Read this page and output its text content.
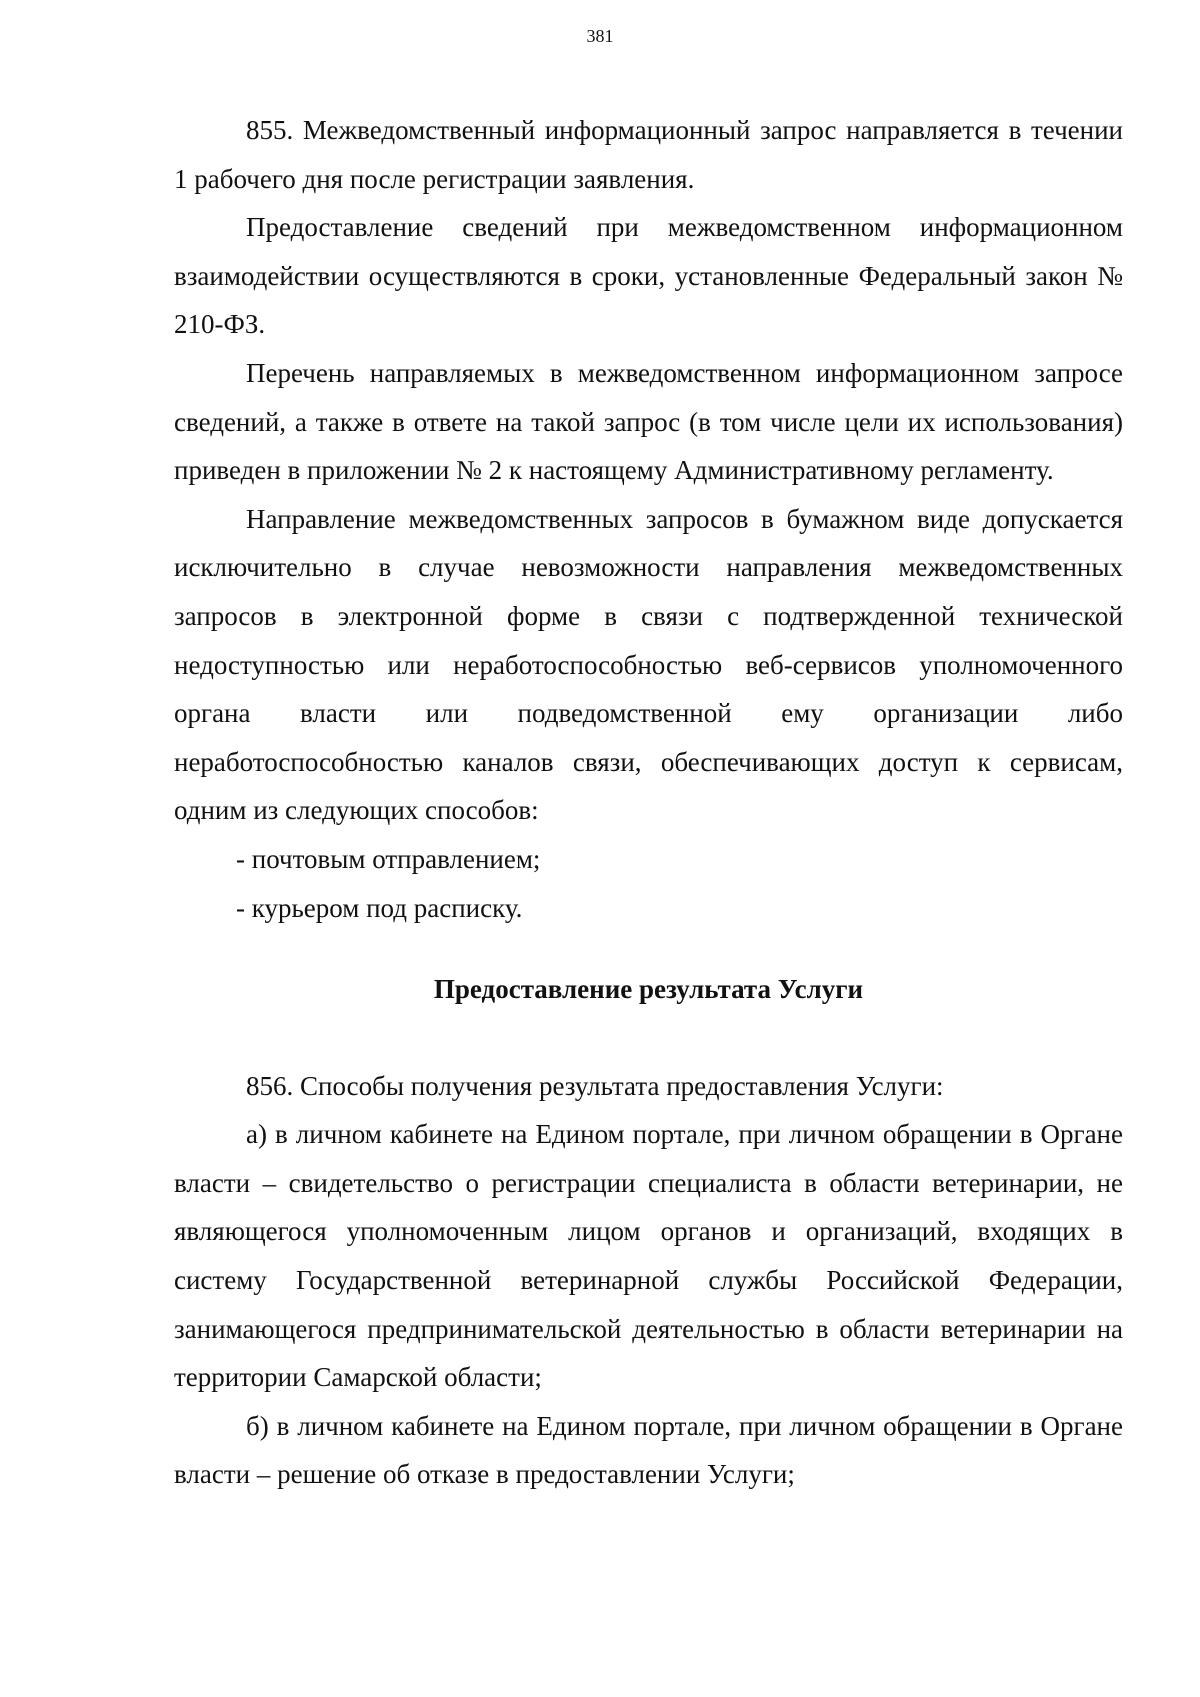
381

855. Межведомственный информационный запрос направляется в течении 1 рабочего дня после регистрации заявления.

Предоставление сведений при межведомственном информационном взаимодействии осуществляются в сроки, установленные Федеральный закон № 210-ФЗ.

Перечень направляемых в межведомственном информационном запросе сведений, а также в ответе на такой запрос (в том числе цели их использования) приведен в приложении № 2 к настоящему Административному регламенту.

Направление межведомственных запросов в бумажном виде допускается исключительно в случае невозможности направления межведомственных запросов в электронной форме в связи с подтвержденной технической недоступностью или неработоспособностью веб-сервисов уполномоченного органа власти или подведомственной ему организации либо неработоспособностью каналов связи, обеспечивающих доступ к сервисам, одним из следующих способов:

- почтовым отправлением;

- курьером под расписку.

Предоставление результата Услуги

856. Способы получения результата предоставления Услуги:

а) в личном кабинете на Едином портале, при личном обращении в Органе власти – свидетельство о регистрации специалиста в области ветеринарии, не являющегося уполномоченным лицом органов и организаций, входящих в систему Государственной ветеринарной службы Российской Федерации, занимающегося предпринимательской деятельностью в области ветеринарии на территории Самарской области;

б) в личном кабинете на Едином портале, при личном обращении в Органе власти – решение об отказе в предоставлении Услуги;
